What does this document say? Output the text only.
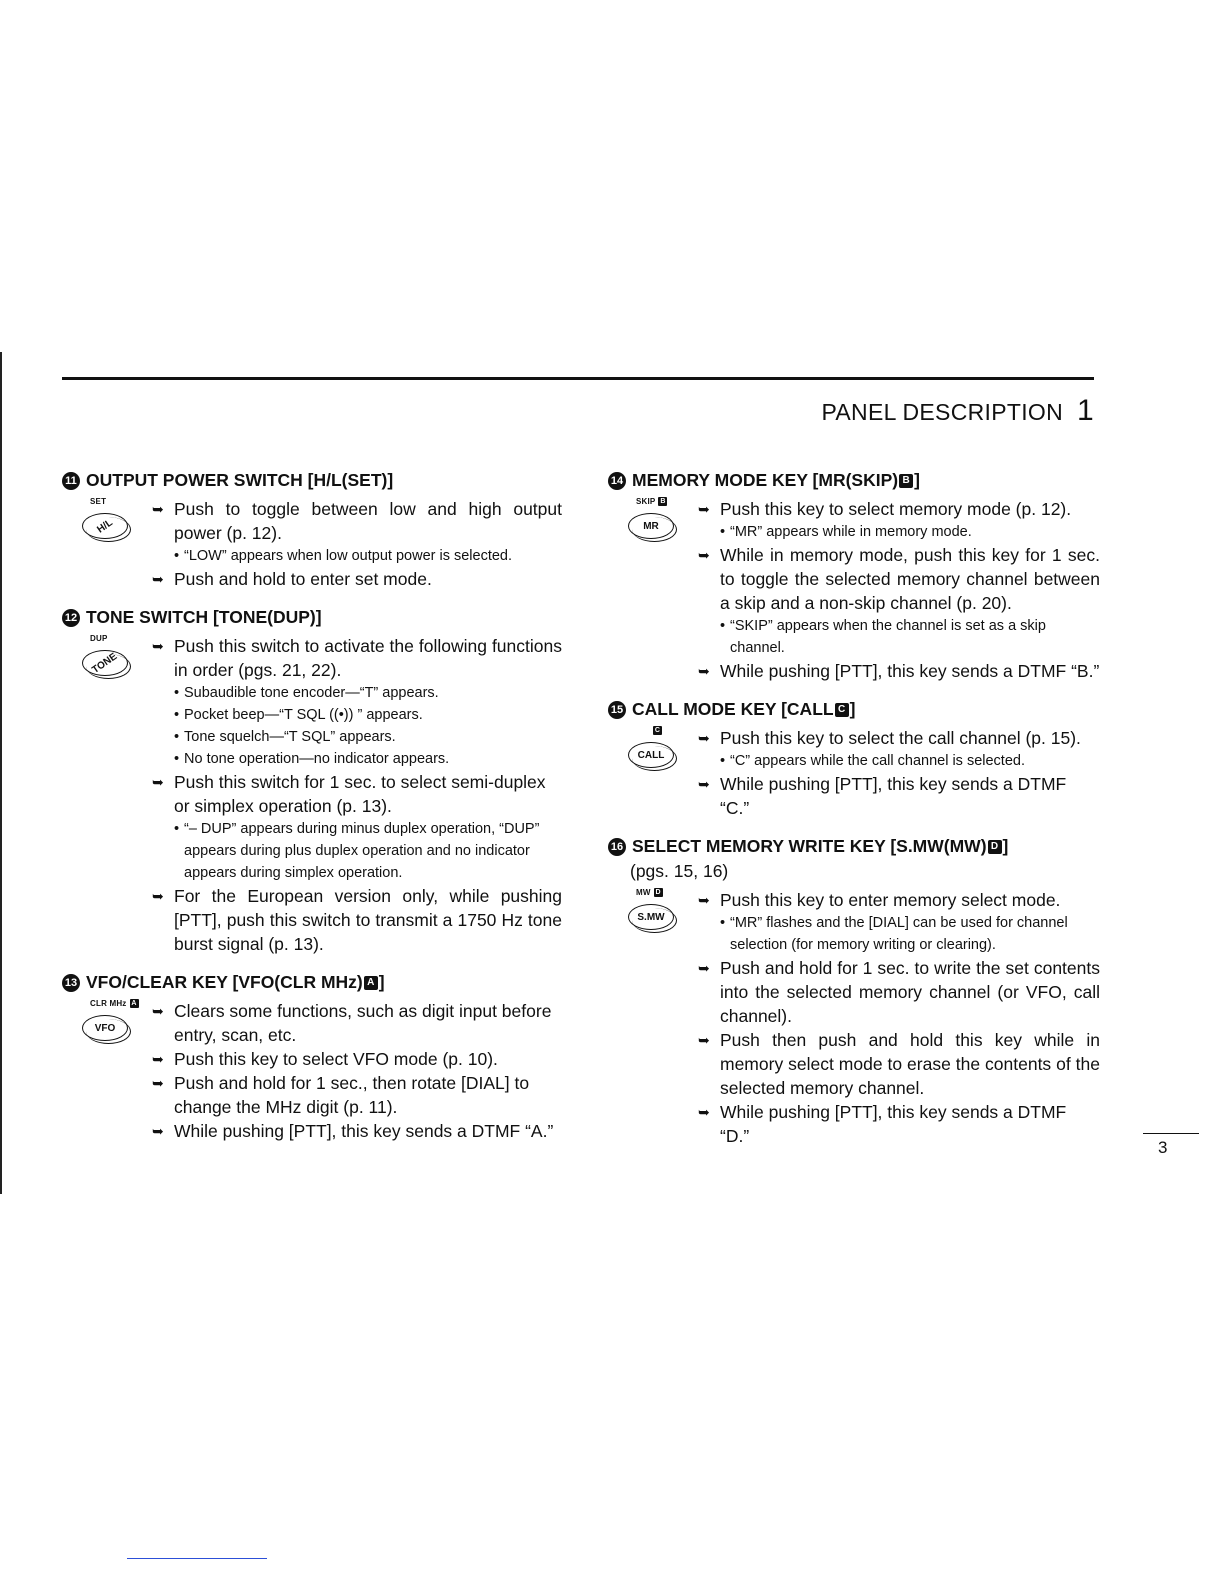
PANEL DESCRIPTION 1
11 OUTPUT POWER SWITCH [H/L(SET)]
SET
H/L
➥ Push to toggle between low and high output power (p. 12).
• “LOW” appears when low output power is selected.
➥ Push and hold to enter set mode.
12 TONE SWITCH [TONE(DUP)]
DUP
TONE
➥ Push this switch to activate the following functions in order (pgs. 21, 22).
• Subaudible tone encoder—“T” appears.
• Pocket beep—“T SQL ((•)) ” appears.
• Tone squelch—“T SQL” appears.
• No tone operation—no indicator appears.
➥ Push this switch for 1 sec. to select semi-duplex or simplex operation (p. 13).
• “– DUP” appears during minus duplex operation, “DUP” appears during plus duplex operation and no indicator appears during simplex operation.
➥ For the European version only, while pushing [PTT], push this switch to transmit a 1750 Hz tone burst signal (p. 13).
13 VFO/CLEAR KEY [VFO(CLR MHz) A ]
CLR MHz A
VFO
➥ Clears some functions, such as digit input before entry, scan, etc.
➥ Push this key to select VFO mode (p. 10).
➥ Push and hold for 1 sec., then rotate [DIAL] to change the MHz digit (p. 11).
➥ While pushing [PTT], this key sends a DTMF “A.”
14 MEMORY MODE KEY [MR(SKIP) B ]
SKIP B
MR
➥ Push this key to select memory mode (p. 12).
• “MR” appears while in memory mode.
➥ While in memory mode, push this key for 1 sec. to toggle the selected memory channel between a skip and a non-skip channel (p. 20).
• “SKIP” appears when the channel is set as a skip channel.
➥ While pushing [PTT], this key sends a DTMF “B.”
15 CALL MODE KEY [CALL C ]
C
CALL
➥ Push this key to select the call channel (p. 15).
• “C” appears while the call channel is selected.
➥ While pushing [PTT], this key sends a DTMF “C.”
16 SELECT MEMORY WRITE KEY [S.MW(MW) D ]
(pgs. 15, 16)
MW D
S.MW
➥ Push this key to enter memory select mode.
• “MR” flashes and the [DIAL] can be used for channel selection (for memory writing or clearing).
➥ Push and hold for 1 sec. to write the set contents into the selected memory channel (or VFO, call channel).
➥ Push then push and hold this key while in memory select mode to erase the contents of the selected memory channel.
➥ While pushing [PTT], this key sends a DTMF “D.”
3
